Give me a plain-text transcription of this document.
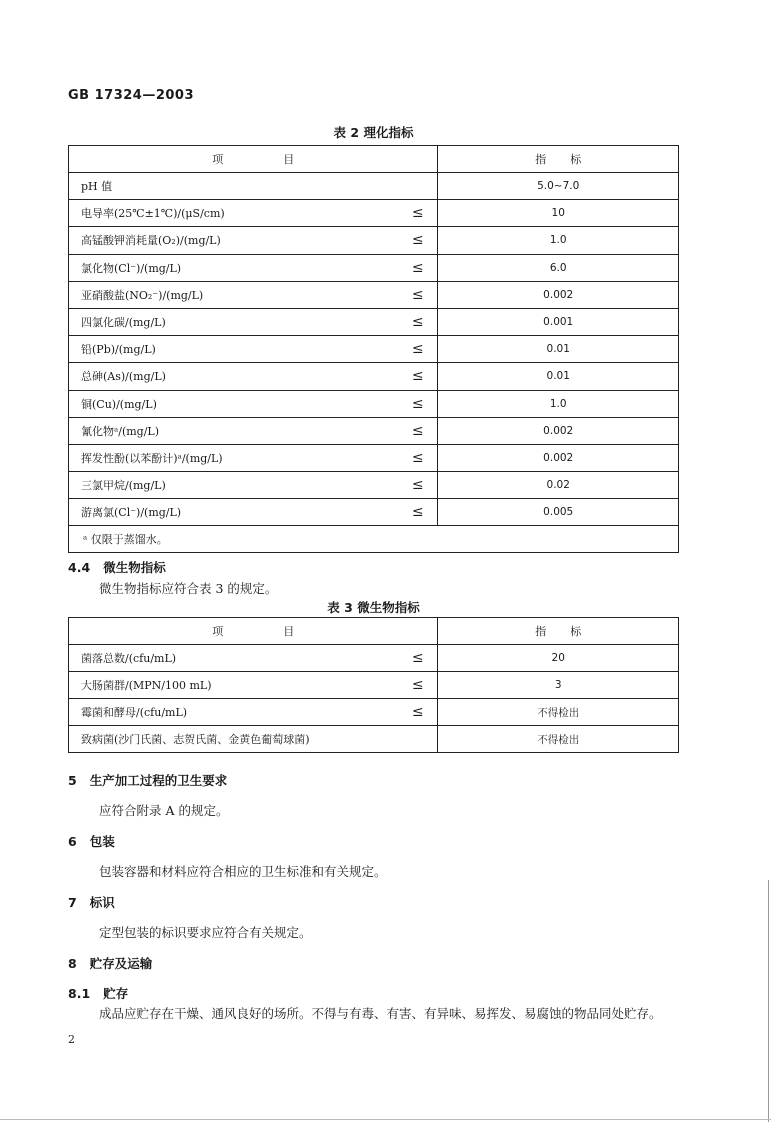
GB 17324—2003
表 2 理化指标
项目		指标
pH 值		5.0~7.0
电导率(25℃±1℃)/(μS/cm)	≤	10
高锰酸钾消耗量(O₂)/(mg/L)	≤	1.0
氯化物(Cl⁻)/(mg/L)	≤	6.0
亚硝酸盐(NO₂⁻)/(mg/L)	≤	0.002
四氯化碳/(mg/L)	≤	0.001
铅(Pb)/(mg/L)	≤	0.01
总砷(As)/(mg/L)	≤	0.01
铜(Cu)/(mg/L)	≤	1.0
氰化物ᵃ/(mg/L)	≤	0.002
挥发性酚(以苯酚计)ᵃ/(mg/L)	≤	0.002
三氯甲烷/(mg/L)	≤	0.02
游离氯(Cl⁻)/(mg/L)	≤	0.005
ᵃ 仅限于蒸馏水。		
4.4 微生物指标
微生物指标应符合表 3 的规定。
表 3 微生物指标
项目		指标
菌落总数/(cfu/mL)	≤	20
大肠菌群/(MPN/100 mL)	≤	3
霉菌和酵母/(cfu/mL)	≤	不得检出
致病菌(沙门氏菌、志贺氏菌、金黄色葡萄球菌)		不得检出
5 生产加工过程的卫生要求
应符合附录 A 的规定。
6 包装
包装容器和材料应符合相应的卫生标准和有关规定。
7 标识
定型包装的标识要求应符合有关规定。
8 贮存及运输
8.1 贮存
成品应贮存在干燥、通风良好的场所。不得与有毒、有害、有异味、易挥发、易腐蚀的物品同处贮存。
2
